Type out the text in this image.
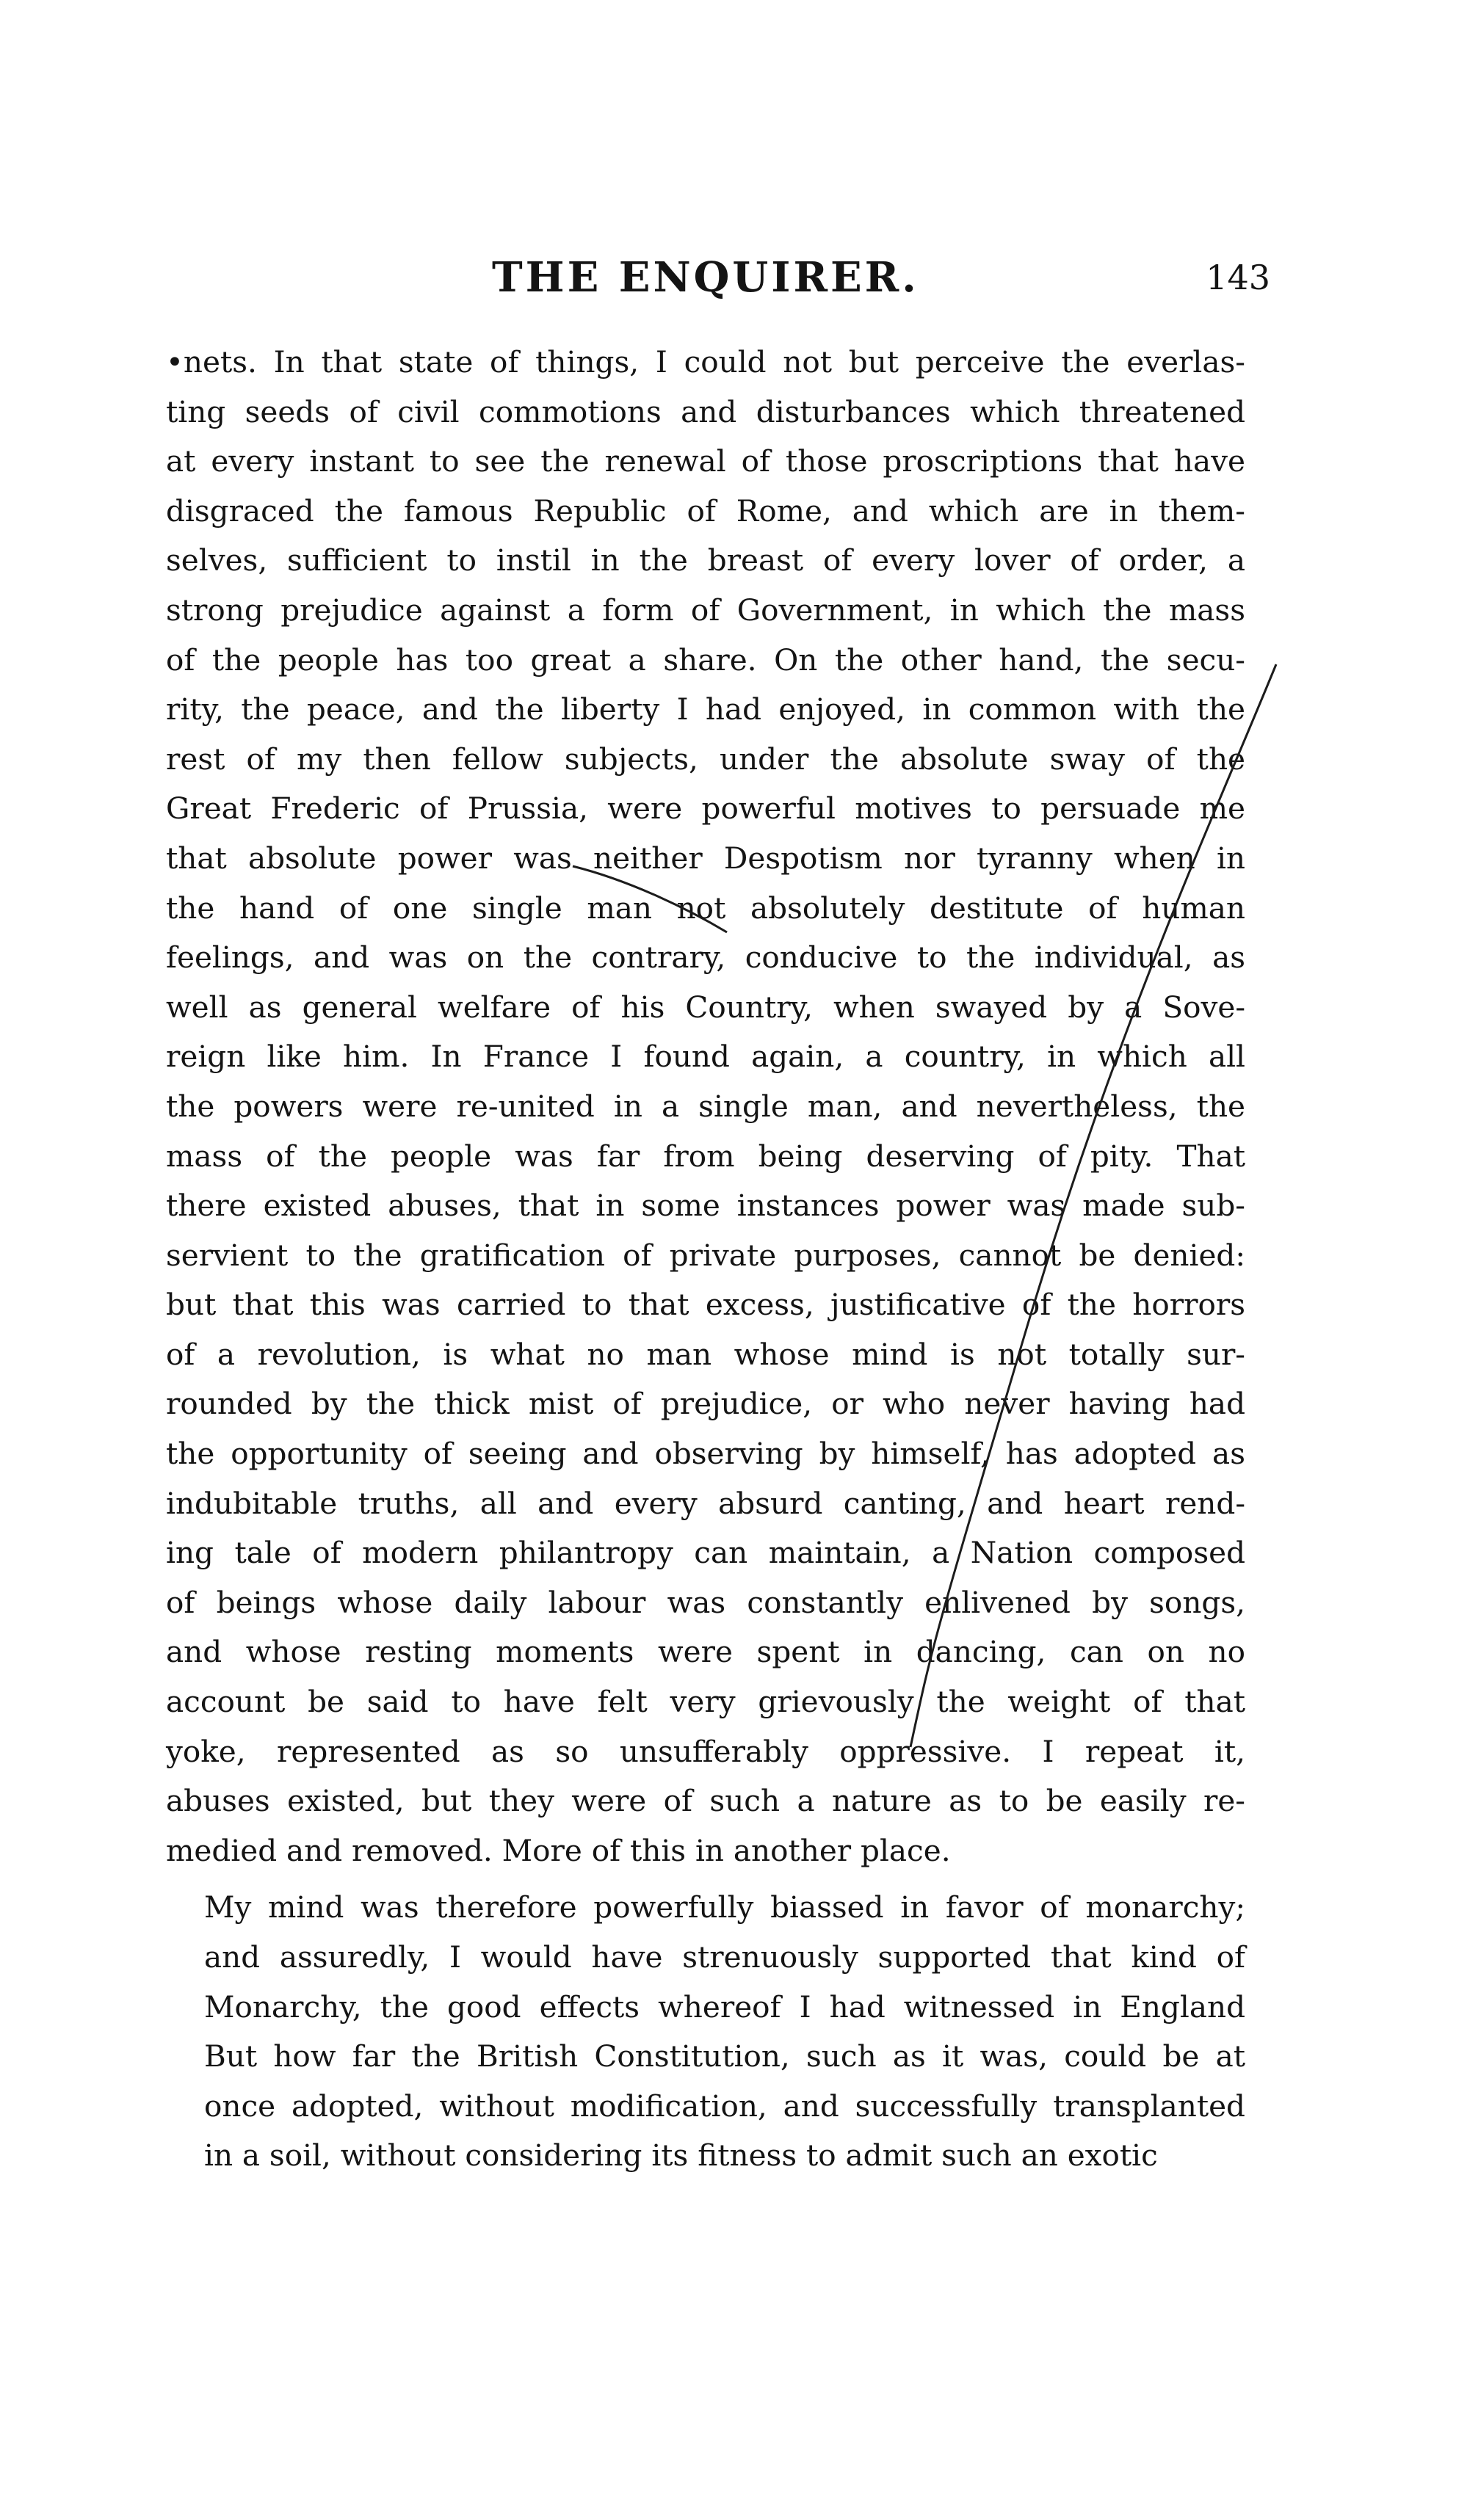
THE ENQUIRER.	143
•nets. In that state of things, I could not but perceive the everlas-
ting seeds of civil commotions and disturbances which threatened
at every instant to see the renewal of those proscriptions that have
disgraced the famous Republic of Rome, and which are in them-
selves, sufficient to instil in the breast of every lover of order, a
strong prejudice against a form of Government, in which the mass
of the people has too great a share. On the other hand, the secu-
rity, the peace, and the liberty I had enjoyed, in common with the
rest of my then fellow subjects, under the absolute sway of the
Great Frederic of Prussia, were powerful motives to persuade me
that absolute power was neither Despotism nor tyranny when in
the hand of one single man not absolutely destitute of human
feelings, and was on the contrary, conducive to the individual, as
well as general welfare of his Country, when swayed by a Sove-
reign like him. In France I found again, a country, in which all
the powers were re-united in a single man, and nevertheless, the
mass of the people was far from being deserving of pity. That
there existed abuses, that in some instances power was made sub-
servient to the gratification of private purposes, cannot be denied:
but that this was carried to that excess, justificative of the horrors
of a revolution, is what no man whose mind is not totally sur-
rounded by the thick mist of prejudice, or who never having had
the opportunity of seeing and observing by himself, has adopted as
indubitable truths, all and every absurd canting, and heart rend-
ing tale of modern philantropy can maintain, a Nation composed
of beings whose daily labour was constantly enlivened by songs,
and whose resting moments were spent in dancing, can on no
account be said to have felt very grievously the weight of that
yoke, represented as so unsufferably oppressive. I repeat it,
abuses existed, but they were of such a nature as to be easily re-
medied and removed. More of this in another place.
My mind was therefore powerfully biassed in favor of monarchy;
and assuredly, I would have strenuously supported that kind of
Monarchy, the good effects whereof I had witnessed in England
But how far the British Constitution, such as it was, could be at
once adopted, without modification, and successfully transplanted
in a soil, without considering its fitness to admit such an exotic
